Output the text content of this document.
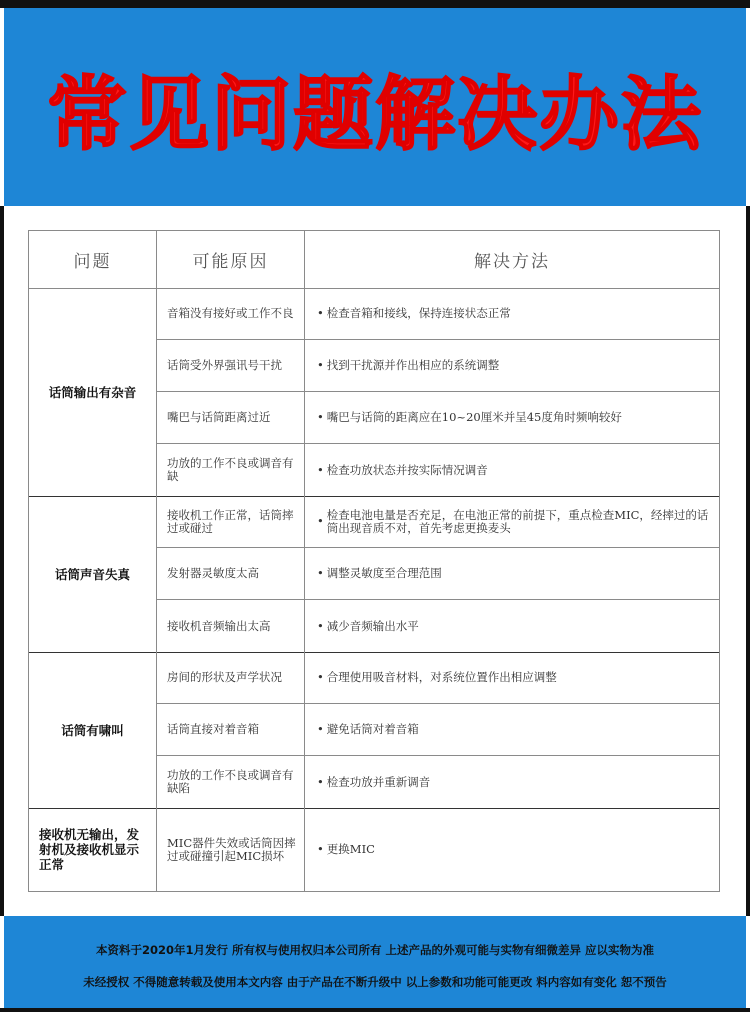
常见问题解决办法
问题	可能原因	解决方法
话筒输出有杂音
音箱没有接好或工作不良	• 检查音箱和接线，保持连接状态正常
话筒受外界强讯号干扰	• 找到干扰源并作出相应的系统调整
嘴巴与话筒距离过近	• 嘴巴与话筒的距离应在10~20厘米并呈45度角时频响较好
功放的工作不良或调音有缺	• 检查功放状态并按实际情况调音
话筒声音失真
接收机工作正常，话筒摔过或碰过	• 检查电池电量是否充足，在电池正常的前提下，重点检查MIC，经摔过的话筒出现音质不对，首先考虑更换麦头
发射器灵敏度太高	• 调整灵敏度至合理范围
接收机音频输出太高	• 减少音频输出水平
话筒有啸叫
房间的形状及声学状况	• 合理使用吸音材料，对系统位置作出相应调整
话筒直接对着音箱	• 避免话筒对着音箱
功放的工作不良或调音有缺陷	• 检查功放并重新调音
接收机无输出，发射机及接收机显示正常
MIC器件失效或话筒因摔过或碰撞引起MIC损坏	• 更换MIC
本资料于2020年1月发行 所有权与使用权归本公司所有 上述产品的外观可能与实物有细微差异 应以实物为准
未经授权 不得随意转载及使用本文内容 由于产品在不断升级中 以上参数和功能可能更改 料内容如有变化 恕不预告
